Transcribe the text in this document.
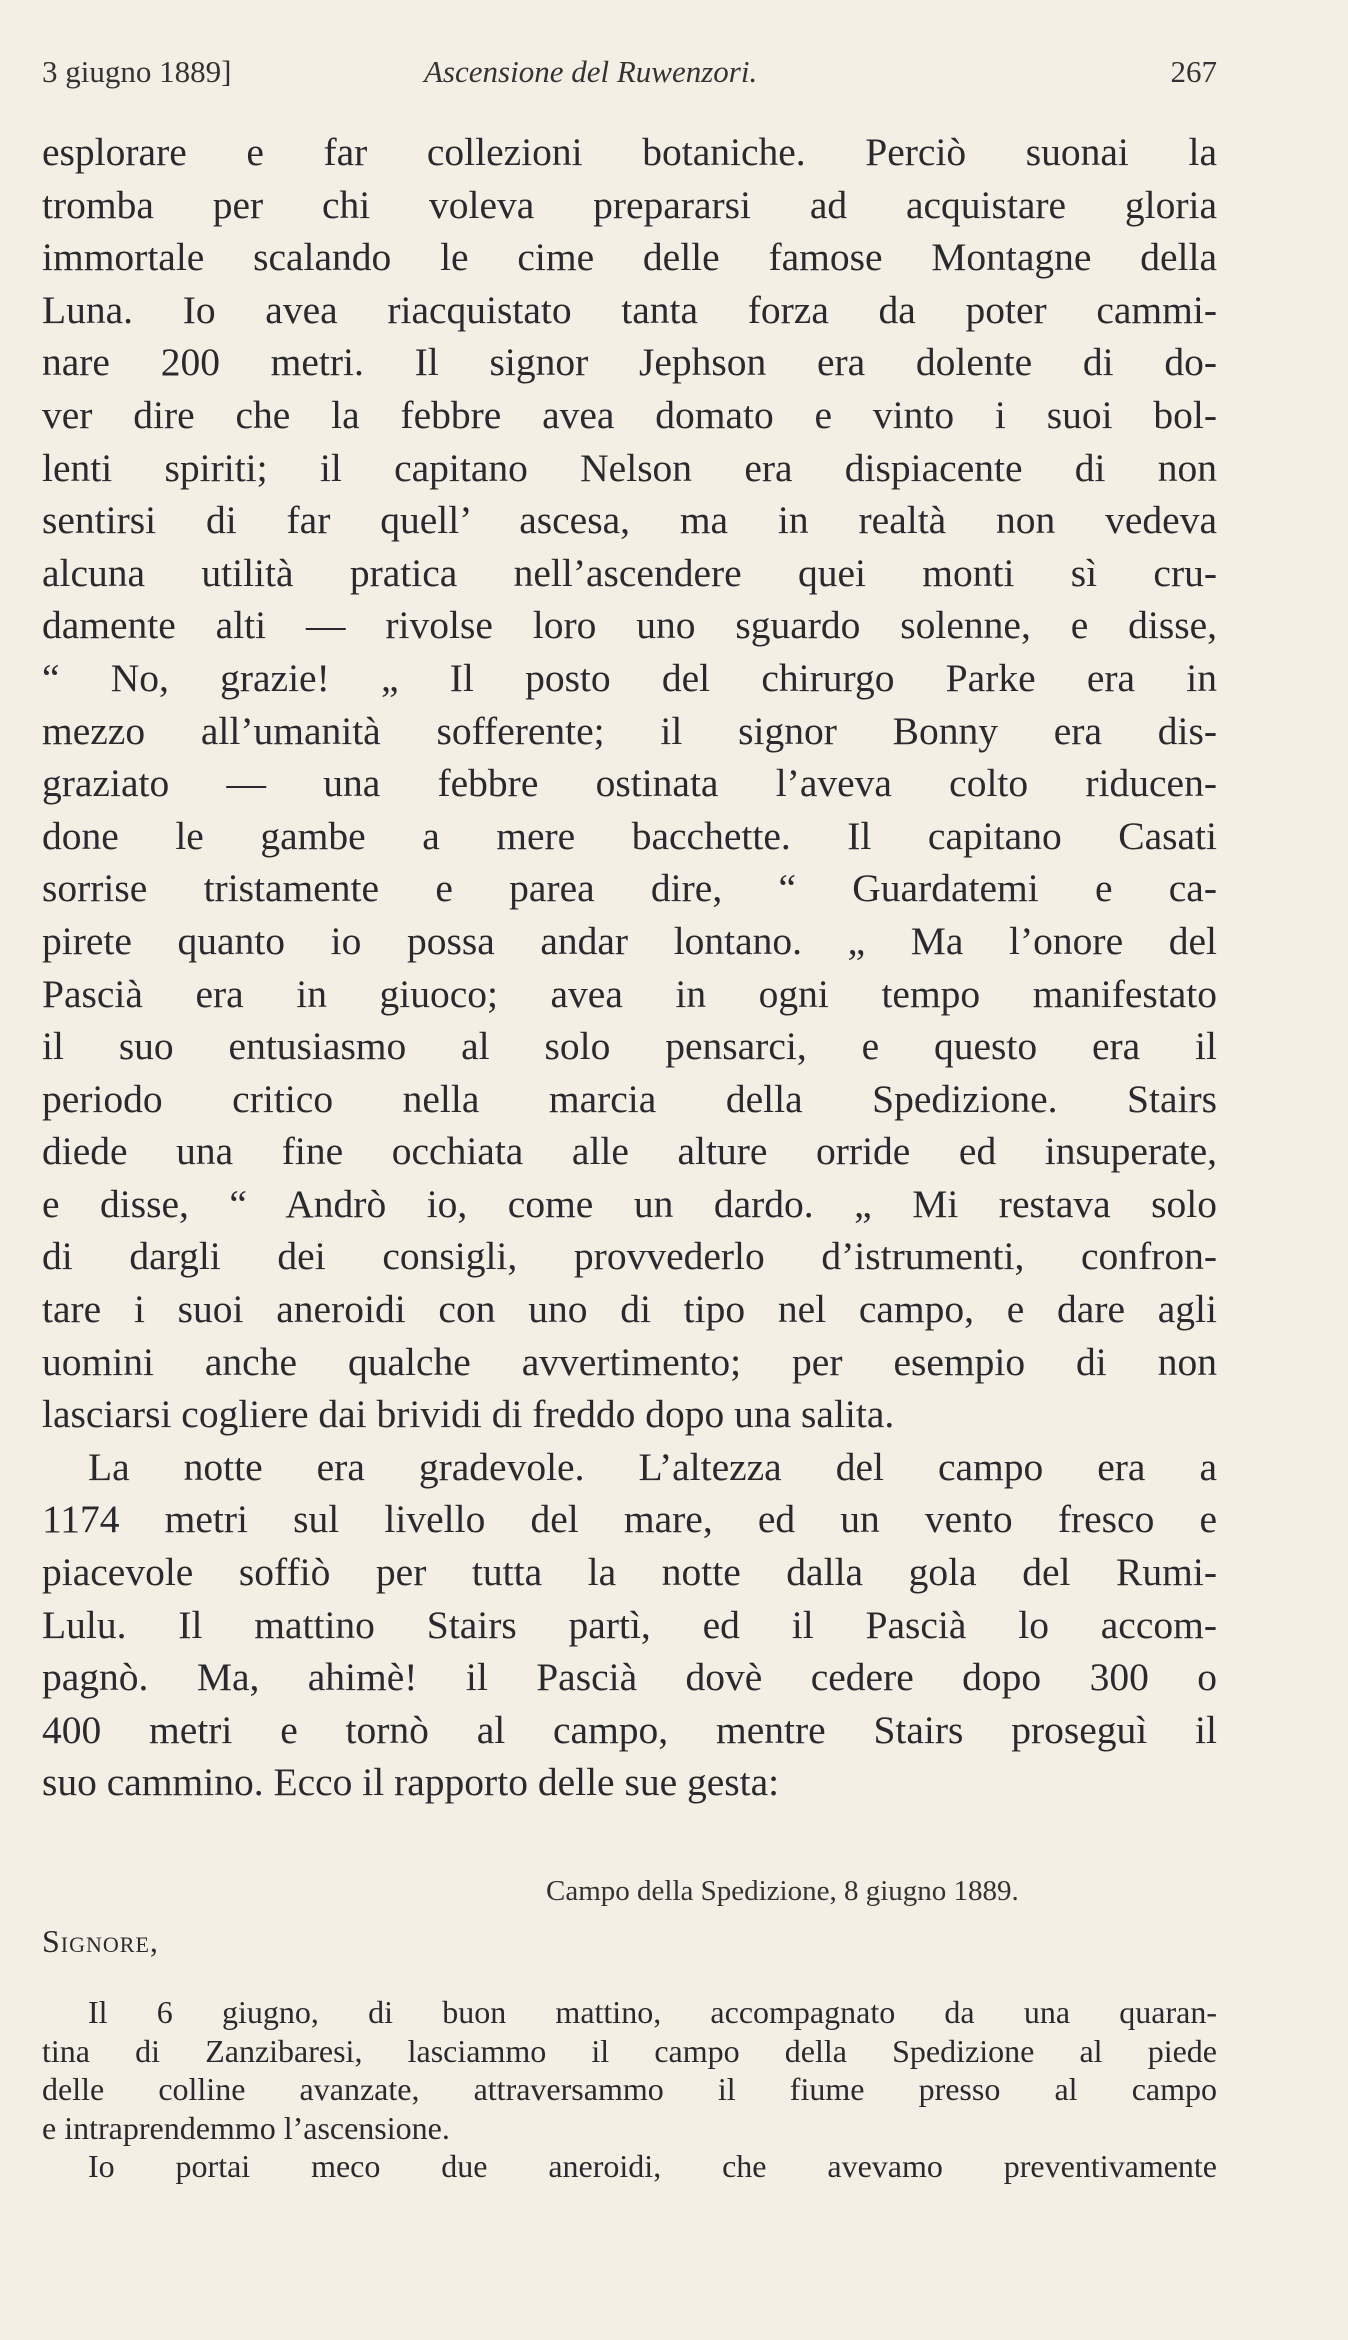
3 giugno 1889]	Ascensione del Ruwenzori.	267
esplorare e far collezioni botaniche. Perciò suonai la
tromba per chi voleva prepararsi ad acquistare gloria
immortale scalando le cime delle famose Montagne della
Luna. Io avea riacquistato tanta forza da poter cammi-
nare 200 metri. Il signor Jephson era dolente di do-
ver dire che la febbre avea domato e vinto i suoi bol-
lenti spiriti; il capitano Nelson era dispiacente di non
sentirsi di far quell’ ascesa, ma in realtà non vedeva
alcuna utilità pratica nell’ascendere quei monti sì cru-
damente alti — rivolse loro uno sguardo solenne, e disse,
“ No, grazie! „ Il posto del chirurgo Parke era in
mezzo all’umanità sofferente; il signor Bonny era dis-
graziato — una febbre ostinata l’aveva colto riducen-
done le gambe a mere bacchette. Il capitano Casati
sorrise tristamente e parea dire, “ Guardatemi e ca-
pirete quanto io possa andar lontano. „ Ma l’onore del
Pascià era in giuoco; avea in ogni tempo manifestato
il suo entusiasmo al solo pensarci, e questo era il
periodo critico nella marcia della Spedizione. Stairs
diede una fine occhiata alle alture orride ed insuperate,
e disse, “ Andrò io, come un dardo. „ Mi restava solo
di dargli dei consigli, provvederlo d’istrumenti, confron-
tare i suoi aneroidi con uno di tipo nel campo, e dare agli
uomini anche qualche avvertimento; per esempio di non
lasciarsi cogliere dai brividi di freddo dopo una salita.
La notte era gradevole. L’altezza del campo era a
1174 metri sul livello del mare, ed un vento fresco e
piacevole soffiò per tutta la notte dalla gola del Rumi-
Lulu. Il mattino Stairs partì, ed il Pascià lo accom-
pagnò. Ma, ahimè! il Pascià dovè cedere dopo 300 o
400 metri e tornò al campo, mentre Stairs proseguì il
suo cammino. Ecco il rapporto delle sue gesta:
Campo della Spedizione, 8 giugno 1889.
Signore,
Il 6 giugno, di buon mattino, accompagnato da una quaran-
tina di Zanzibaresi, lasciammo il campo della Spedizione al piede
delle colline avanzate, attraversammo il fiume presso al campo
e intraprendemmo l’ascensione.
Io portai meco due aneroidi, che avevamo preventivamente
